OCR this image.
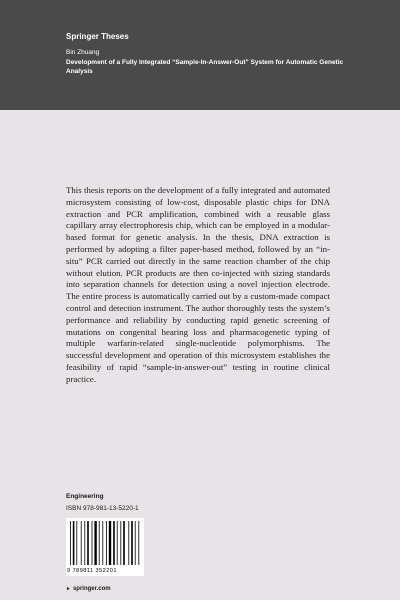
Springer Theses
Bin Zhuang
Development of a Fully Integrated “Sample-In-Answer-Out” System for Automatic Genetic Analysis
This thesis reports on the development of a fully integrated and automated microsystem consisting of low-cost, disposable plastic chips for DNA extraction and PCR amplification, combined with a reusable glass capillary array electrophoresis chip, which can be employed in a modular-based format for genetic analysis. In the thesis, DNA extraction is performed by adopting a filter paper-based method, followed by an “in-situ” PCR carried out directly in the same reaction chamber of the chip without elution. PCR products are then co-injected with sizing standards into separation channels for detection using a novel injection electrode. The entire process is automatically carried out by a custom-made compact control and detection instrument. The author thoroughly tests the system’s performance and reliability by conducting rapid genetic screening of mutations on congenital hearing loss and pharmacogenetic typing of multiple warfarin-related single-nucleotide polymorphisms. The successful development and operation of this microsystem establishes the feasibility of rapid “sample-in-answer-out” testing in routine clinical practice.
Engineering
ISBN 978-981-13-5220-1
9 789811 352201
► springer.com
